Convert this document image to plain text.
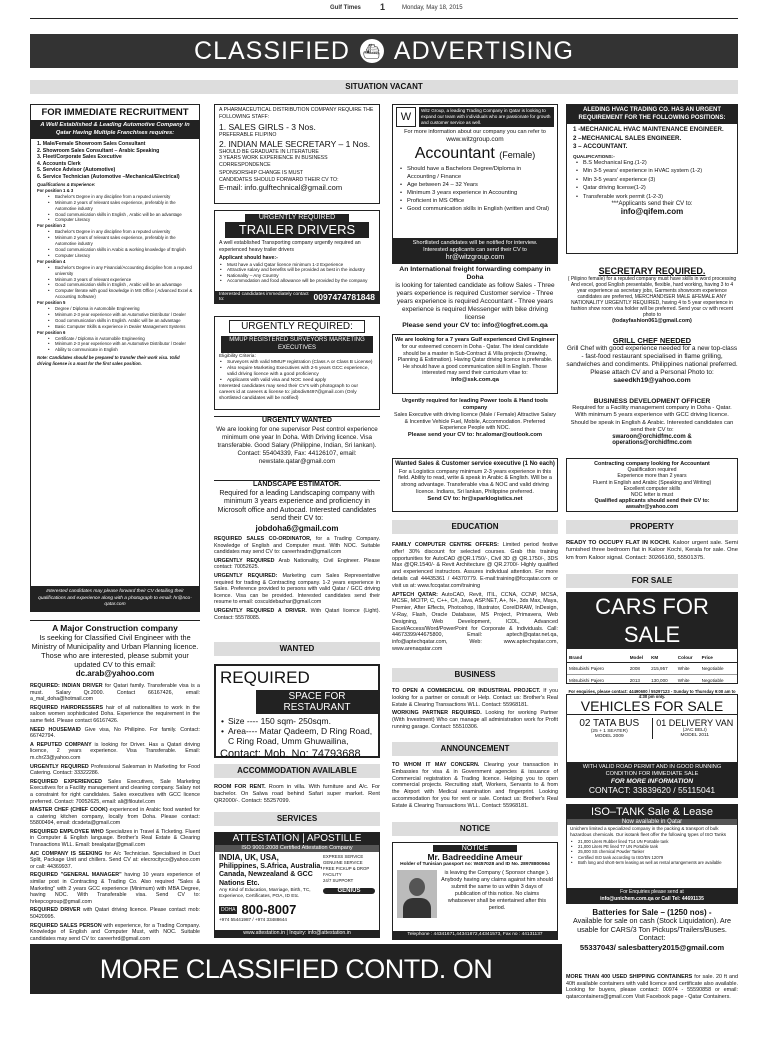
Gulf Times 1	Monday, May 18, 2015
CLASSIFIED ⛴ ADVERTISING
SITUATION VACANT
FOR IMMEDIATE RECRUITMENT
A Well Established & Leading Automotive Company in Qatar Having Multiple Franchises requires:
1. Male/Female Showroom Sales Consultant
2. Showroom Sales Consultant – Arabic Speaking
3. Fleet/Corporate Sales Executive
4. Accounts Clerk
5. Service Advisor (Automotive)
6. Service Technician (Automotive –Mechanical/Electrical)
Qualifications & Experience:
For position 1 & 3
• Bachelor's Degree in any discipline from a reputed university
• Minimum 2 years of relevant sales experience, preferably in the Automotive industry
• Good communication skills in English , Arabic will be an advantage
• Computer Literacy
For position 2
• Bachelor's Degree in any discipline from a reputed university
• Minimum 2 years of relevant sales experience, preferably in the Automotive industry
• Good communication skills in Arabic & working knowledge of English
• Computer Literacy
For position 4
• Bachelor's Degree in any Financial/Accounting discipline from a reputed university
• Minimum 3 years of relevant experience
• Good communication skills in English , Arabic will be an advantage
• Computer literate with good knowledge in MS Office ( Advanced Excel & Accounting Software)
For position 5
• Degree / Diploma in Automobile Engineering
• Minimum 2-3 year experience with an Automotive Distributor / Dealer
• Good communication skills in English. Arabic will be an advantage
• Basic Computer Skills & experience in Dealer Management Systems
For position 6
• Certificate / Diploma in Automobile Engineering
• Minimum 2-3 year experience with an Automotive Distributor / Dealer
• Ability to communicate in English
Note: Candidates should be prepared to transfer their work visa. Valid driving license is a must for the first sales position.
Interested candidates may please forward their CV detailing their qualifications and experience along with a photograph to email: hr@nco-qatar.com
A Major Construction company
Is seeking for Classified Civil Engineer with the Ministry of Municipality and Urban Planning licence. Those who are interested, please submit your updated CV to this email:
dc.arab@yahoo.com

REQUIRED: INDIAN DRIVER for Qatari family. Transferable visa is a must. Salary Qr.2000. Contact 66167426, email: a_mal_doha@hotmail.com

REQUIRED HAIRDRESSERS hair of all nationalities to work in the saloon women sophisticated Doha. Experience the requirement in the same field. Please contact 66167426.

NEED HOUSEMAID Give visa, No Philipino. For family. Contact: 66742794.

A REPUTED COMPANY is looking for Driver. Has a Qatari driving licence, 2 years experience. Visa Transferable. Email: m.chr23@yahoo.com

URGENTLY REQUIRED Professional Salesman in Marketing for Food Catering. Contact: 33322286.

REQUIRED EXPERIENCED Sales Executives, Sale Marketing Executives for a Facility management and cleaning company. Salary not a constraint for right candidates. Sales executives with GCC licence preferred. Contact: 70052625, email: ali@filoutel.com

MASTER CHEF (CHIEF COOK) experienced in Arabic food wanted for a catering kitchen company, locally from Doha. Please contact: 55800494, email: dcsdeta@gmail.com

REQUIRED EMPLOYEE WHO Specializes in Travel & Ticketing. Fluent in Computer & English language. Brother's Real Estate & Clearing Transactions WLL. Email: brealqatar@gmail.com

A/C COMPANY IS SEEKING for A/c Technician. Specialised in Duct Split, Package Unit and chillers. Send CV at: elecrocityco@yahoo.com or call: 44369937.

REQUIRED "GENERAL MANAGER" having 10 years experience of similar post in Contracting & Trading Co. Also required "Sales & Marketing" with 2 years GCC experience (Minimum) with MBA Degree, having NOC. With Transferable visa. Send CV to: hrkepcogroup@gmail.com

REQUIRED DRIVER with Qatari driving licence. Please contact mob: 50420995.

REQUIRED SALES PERSON with experience, for a Trading Company. Knowledge of English and Computer Must, with NOC. Suitable candidates may send CV to: careerhrd@gmail.com

A PHARMACEUTICAL DISTRIBUTION COMPANY REQUIRE THE FOLLOWING STAFF:
1. SALES GIRLS - 3 Nos.
PREFERABLE FILIPINO
2. INDIAN MALE SECRETARY – 1 Nos.
SHOULD BE GRADUATE IN LITERATURE
3 YEARS WORK EXPERIENCE IN BUSINESS CORRESPONDENCE
SPONSORSHIP CHANGE IS MUST
CANDIDATES SHOULD FORWARD THEIR CV TO:
E-mail: info.gulftechnical@gmail.com
URGENTLY REQUIRED
TRAILER DRIVERS
A well established Transporting company urgently required an experienced heavy trailer drivers
Applicant should have:-
• Must have a valid Qatar licence minimum 1-2 Experience
• Attractive salary and benefits will be provided as best in the industry
• Nationality – Any Country
• Accommodation and food allowance will be provided by the company
Interested candidates immediately contact to:	0097474781848
URGENTLY REQUIRED:
MMUP REGISTERED SURVEYORS MARKETING EXECUTIVES
Eligibility Criteria:
• Surveyors with valid MMUP registration (Class A or Class B License)
• Also require Marketing Executives with 2-5 years GCC experience, valid driving licence with a good proficiency
• Applicants with valid visa and NOC need apply
Interested candidates may send their CV's with photograph to our careers id at careers & license to: jobsdiv8497@gmail.com (Only shortlisted candidates will be notified)
URGENTLY WANTED
We are looking for one supervisor Pest control experience minimum one year In Doha. With Driving licence. Visa transferable. Good Salary (Philippine, Indian, Sri lankan). Contact: 55404339, Fax: 44126107, email: newstate.qatar@gmail.com
LANDSCAPE ESTIMATOR.
Required for a leading Landscaping company with minimum 3 years experience and proficiency in Microsoft office and Autocad. Interested candidates send their CV to:
jobdoha6@gmail.com

REQUIRED SALES CO-ORDINATOR, for a Trading Company. Knowledge of English and Computer must. With NOC. Suitable candidates may send CV to: careerhradm@gmail.com

URGENTLY REQUIRED Arab Nationality, Civil Engineer. Please contact: 70052625.

URGENTLY REQUIRED: Marketing cum Sales Representative required for trading & Contracting company. 1-2 years experience in Sales. Preference provided to persons with valid Qatar / GCC driving licence. Visa can be provided. Interested candidates send their resume to email: cosculdebazhar@gmail.com

URGENTLY REQUIRED A DRIVER. With Qatari licence (Light). Contact: 55578085.

WANTED
REQUIRED
SPACE FOR RESTAURANT
• Size ---- 150 sqm- 250sqm.
• Area---- Matar Qadeem, D Ring Road, C Ring Road, Umm Ghuwailina,
Contact: Mob. No: 74793688
ACCOMMODATION AVAILABLE

ROOM FOR RENT. Room in villa. With furniture and A/c. For bachelor. On Salwa road behind Safari super market. Rent QR2000/-. Contact: 55257099.

SERVICES
ATTESTATION | APOSTILLE
ISO 9001:2008 Certified Attestation Company
INDIA, UK, USA,
Philippines, S.Africa, Australia,
Canada, Newzealand & GCC
Nations Etc.
Any Kind of Education, Marriage, Birth, TC, Experience, Certificates, POA, ID Etc.
EXPRESS SERVICE
GENUINE SERVICE
FREE PICKUP & DROP FACILITY
24/7 SUPPORT
GENIUS
DOHA 800-8007
+974 55441987 / +974 33488644
www.attestation.in | Inquiry: info@attestation.in
W
Witz Group, a leading Trading Company in Qatar is looking to expand our team with individuals who are passionate for growth and customer service as well.
For more information about our company you can refer to
www.witzgroup.com
Accountant (Female)
• Should have a Bachelors Degree/Diploma in Accounting / Finance
• Age between 24 – 32 Years
• Minimum 3 years experience in Accounting
• Proficient in MS Office
• Good communication skills in English (written and Oral)
Shortlisted candidates will be notified for interview.
Interested applicants can send their CV to
hr@witzgroup.com
An International freight forwarding company in Doha
is looking for talented candidate as follow Sales - Three years experience is required Customer service - Three years experience is required Accountant - Three years experience is required Messenger with bike driving license
Please send your CV to: info@logfret.com.qa
We are looking for a 7 years Gulf experienced Civil Engineer
for our esteemed concern in Doha - Qatar. The ideal candidate should be a master in Sub-Contract & Villa projects (Drawing, Planning & Estimation). Having Qatar driving licence is preferable. He should have a good communication skill in English. Those interested may send their curriculum vitae to:
info@ssk.com.qa
Urgently required for leading Power tools & Hand tools company
Sales Executive with driving licence (Male / Female) Attractive Salary & Incentive Vehicle Fuel, Mobile, Accommodation. Preferred Experience People with NOC.
Please send your CV to: hr.alomar@outlook.com
Wanted Sales & Customer service executive (1 No each)
For a Logistics company minimum 2-3 years experience in this field. Ability to read, write & speak in Arabic & English. Will be a strong advantage. Transferable visa & NOC and valid driving licence. Indians, Sri lankan, Philippine preferred.
Send CV to: hr@sparklogistics.net
EDUCATION

FAMILY COMPUTER CENTRE OFFERS: Limited period festive offer! 30% discount for selected courses. Grab this training opportunities for AutoCAD @QR.1750/-, Civil 3D @ QR.1750/-, 3DS Max @QR.1540/- & Revit Architecture @ QR.2700/- Highly qualified and experienced instructors. Assures individual attention. For more details call 44435361 / 44370779. E-mail:training@fccqatar.com or visit us at: www.fccqatar.com/training

APTECH QATAR: AutoCAD, Revit, ITIL, CCNA, CCNP, MCSA, MCSE, MCITP, C, C++, C#, Java, ASP.NET, A+, N+, 3ds Max, Maya, Premier, After Effects, Photoshop, Illustrator, CorelDRAW, InDesign, V-Ray, Flash, Oracle Database, MS Project, Primavera, Web Designing, Web Development, ICDL, Advanced Excel/Access/Word/PowerPoint for Corporate & Individuals. Call: 44673399/44675800, Email: aptech@qatar.net.qa, info@aptechqatar.com, Web: www.aptechqatar.com, www.arenaqatar.com

BUSINESS

TO OPEN A COMMERCIAL OR INDUSTRIAL PROJECT. If you looking for a partner or consult or Help. Contact us: Brother's Real Estate & Clearing Transactions WLL. Contact: 55968181.

WORKING PARTNER REQUIRED. Looking for working Partner (With Investment) Who can manage all administration work for Profit running garage. Contact: 55510306.

ANNOUNCEMENT

TO WHOM IT MAY CONCERN. Clearing your transaction in Embassies for visa & in Government agencies & issuance of Commercial registration & Trading licence. Helping you to open commercial projects. Recruiting staff, Workers, Servants to & from the Airport with Medical examination and fingerprint. Looking accommodation for you for rent or sale. Contact us: Brother's Real Estate & Clearing Transactions WLL. Contact: 55968181.

NOTICE
NOTICE
Mr. Badreeddine Ameur
Holder of Tunisian passport no: W457028 and ID No. 28978800564
is leaving the Company ( Sponsor change ). Anybody having any claims against him should submit the same to us within 3 days of publication of this notice. No claims whatsoever shall be entertained after this period.
Telephone : 44341671,44341872,44341573, Fax no : 44131137
ALEDING HVAC TRADING CO. HAS AN URGENT REQUIREMENT FOR THE FOLLOWING POSITIONS:
1 -MECHANICAL HVAC MAINTENANCE ENGINEER.
2 –MECHANICAL SALES ENGINEER.
3 – ACCOUNTANT.
QUALIFICATIONS:-
• B.S Mechanical Eng.(1-2)
• Min 3-5 years' experience in HVAC system (1-2)
• Min 3-5 years' experience (3)
• Qatar driving license(1-2)
• Transferable work permit (1-2-3)
***Applicants send their CV to:
info@qifem.com
SECRETARY REQUIRED.
( Pilipino female) for a reputed company must have skills in word processing And excel, good English presentable, flexible, hard working, having 3 to 4 year experience as secretary jobs, Garments showroom experience candidates are preferred, MERCHANDISER MALE &FEMALE ANY NATIONALITY URGENTLY REQUIRED, having 4 to 5 year experience in fashion show room visa holder will be preferred. Send your cv with recent photo to
(todayfashion061@gmail.com)
GRILL CHEF NEEDED
Grill Chef with good experience needed for a new top-class - fast-food restaurant specialised in flame grilling, sandwiches and condiments. Philippines national preferred. Please attach CV and a Personal Photo to:
saeedkh19@yahoo.com
BUSINESS DEVELOPMENT OFFICER
Required for a Facility management company in Doha - Qatar. With minimum 5 years experience with GCC driving licence. Should be speak in English & Arabic. Interested candidates can send their CV to:
swaroon@orchidfmc.com &
operations@orchidfmc.com
Contracting company looking for Accountant
Qualification required
Experience more than 2 years
Fluent in English and Arabic (Speaking and Writing)
Excellent computer skills
NOC letter is must
Qualified applicants should send their CV to: awsahr@yahoo.com
PROPERTY

READY TO OCCUPY FLAT IN KOCHI. Kaloor urgent sale. Semi furnished three bedroom flat in Kaloor Kochi, Kerala for sale. One km from Kaloor signal. Contact: 30266160, 55501375.

FOR SALE
CARS FOR SALE
Brand	Model	KM	Colour	Price
Mitsubishi Pajero	2008	215,957	White	Negotiable
Mitsubishi Pajero	2013	130,000	White	Negotiable
For enquiries, please contact: 44490600 / 55297123 - Sunday to Thursday 9:00 am to 4:30 pm only.
VEHICLES FOR SALE
02 TATA BUS
(25 + 1 SEATER)
MODEL 2009
01 DELIVERY VAN
(JAC BELI)
MODEL 2011
WITH VALID ROAD PERMIT AND IN GOOD RUNNING CONDITION FOR IMMEDIATE SALE
FOR MORE INFORMATION
CONTACT: 33839620 / 55115041
ISO–TANK Sale & Lease
Now available in Qatar
Unichem limited a specialized company in the packing & transport of bulk hazardous chemicals. Our isotank fleet offer the following types of ISO Tanks
• 21,000 Liters Rubber lined T14 UN Portable tank
• 21,000 Liters PE lined T7 UN Portable tank
• 25,000 SS chemical Powder Tanker
• Certified ISO tank according to ISO/EN 12079
• Both long and short-term leasing as well as rental arrangements are available
For Enquiries please send at
info@unichem.com.qa or Call Tel: 44691135
Batteries for Sale – (1250 nos) -
Available for sale on cash (Stock Liquidation). Are usable for CARS/3 Ton Pickups/Trailers/Buses. Contact:
55337043/ salesbattery2015@gmail.com

MORE THAN 400 USED SHIPPING CONTAINERS for sale. 20 ft and 40ft available containers with valid licence and certificate also available. Looking for buyers, please contact: 00974 - 55590858 or email: qatarcontainers@gmail.com Visit Facebook page - Qatar Containers.

MORE CLASSIFIED CONTD. ON FOLLOWING PAGES
